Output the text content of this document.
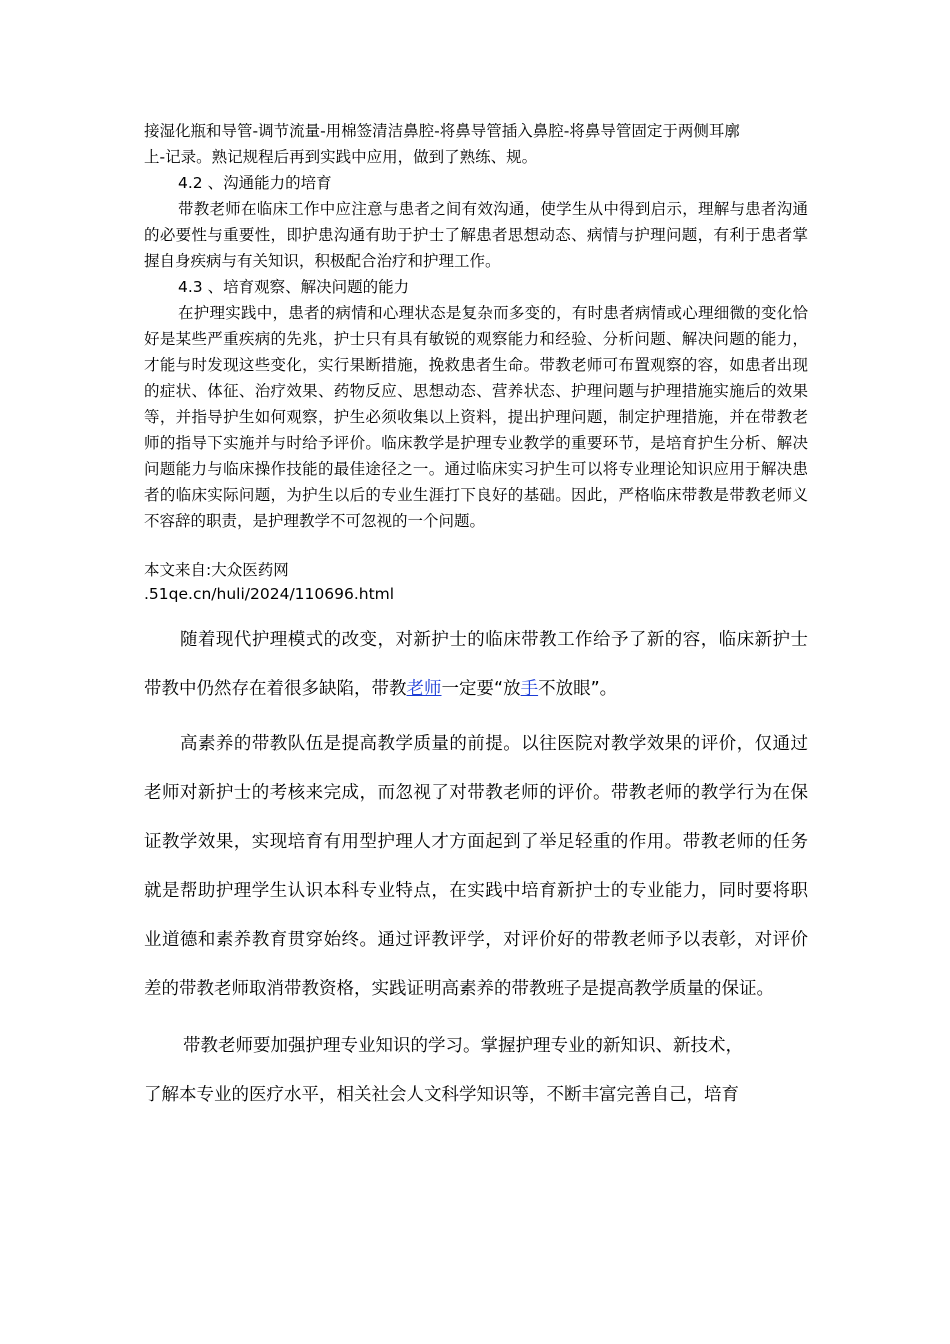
接湿化瓶和导管-调节流量-用棉签清洁鼻腔-将鼻导管插入鼻腔-将鼻导管固定于两侧耳廓

上-记录。熟记规程后再到实践中应用，做到了熟练、规。

4.2 、沟通能力的培育

带教老师在临床工作中应注意与患者之间有效沟通，使学生从中得到启示，理解与患者沟通的必要性与重要性，即护患沟通有助于护士了解患者思想动态、病情与护理问题，有利于患者掌握自身疾病与有关知识，积极配合治疗和护理工作。

4.3 、培育观察、解决问题的能力

在护理实践中，患者的病情和心理状态是复杂而多变的，有时患者病情或心理细微的变化恰好是某些严重疾病的先兆，护士只有具有敏锐的观察能力和经验、分析问题、解决问题的能力，才能与时发现这些变化，实行果断措施，挽救患者生命。带教老师可布置观察的容，如患者出现的症状、体征、治疗效果、药物反应、思想动态、营养状态、护理问题与护理措施实施后的效果等，并指导护生如何观察，护生必须收集以上资料，提出护理问题，制定护理措施，并在带教老师的指导下实施并与时给予评价。临床教学是护理专业教学的重要环节，是培育护生分析、解决问题能力与临床操作技能的最佳途径之一。通过临床实习护生可以将专业理论知识应用于解决患者的临床实际问题，为护生以后的专业生涯打下良好的基础。因此，严格临床带教是带教老师义不容辞的职责，是护理教学不可忽视的一个问题。

本文来自:大众医药网

.51qe.cn/huli/2024/110696.html

随着现代护理模式的改变，对新护士的临床带教工作给予了新的容，临床新护士带教中仍然存在着很多缺陷，带教老师一定要“放手不放眼”。

高素养的带教队伍是提高教学质量的前提。以往医院对教学效果的评价，仅通过老师对新护士的考核来完成，而忽视了对带教老师的评价。带教老师的教学行为在保证教学效果，实现培育有用型护理人才方面起到了举足轻重的作用。带教老师的任务就是帮助护理学生认识本科专业特点，在实践中培育新护士的专业能力，同时要将职业道德和素养教育贯穿始终。通过评教评学，对评价好的带教老师予以表彰，对评价差的带教老师取消带教资格，实践证明高素养的带教班子是提高教学质量的保证。

带教老师要加强护理专业知识的学习。掌握护理专业的新知识、新技术，

了解本专业的医疗水平，相关社会人文科学知识等，不断丰富完善自己，培育
